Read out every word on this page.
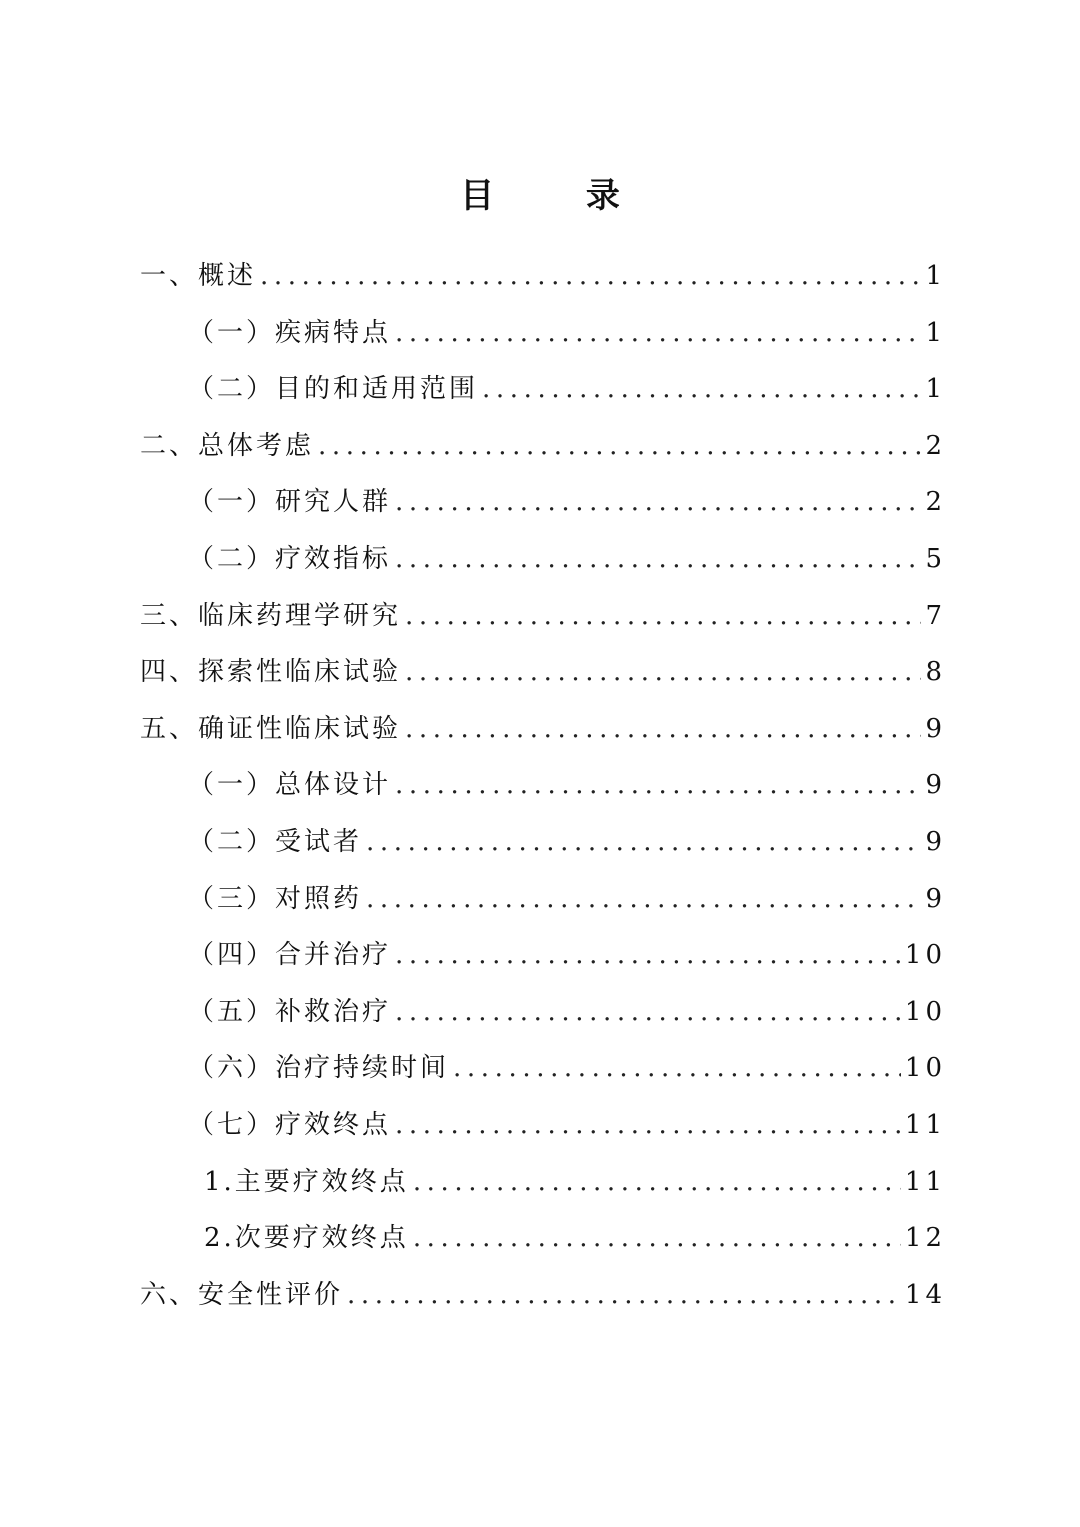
目 录
一、概述 .....	1
（一）疾病特点 .....	1
（二）目的和适用范围 .....	1
二、总体考虑 .....	2
（一）研究人群 .....	2
（二）疗效指标 .....	5
三、临床药理学研究 .....	7
四、探索性临床试验 .....	8
五、确证性临床试验 .....	9
（一）总体设计 .....	9
（二）受试者 .....	9
（三）对照药 .....	9
（四）合并治疗 .....	10
（五）补救治疗 .....	10
（六）治疗持续时间 .....	10
（七）疗效终点 .....	11
1.主要疗效终点 .....	11
2.次要疗效终点 .....	12
六、安全性评价 .....	14
